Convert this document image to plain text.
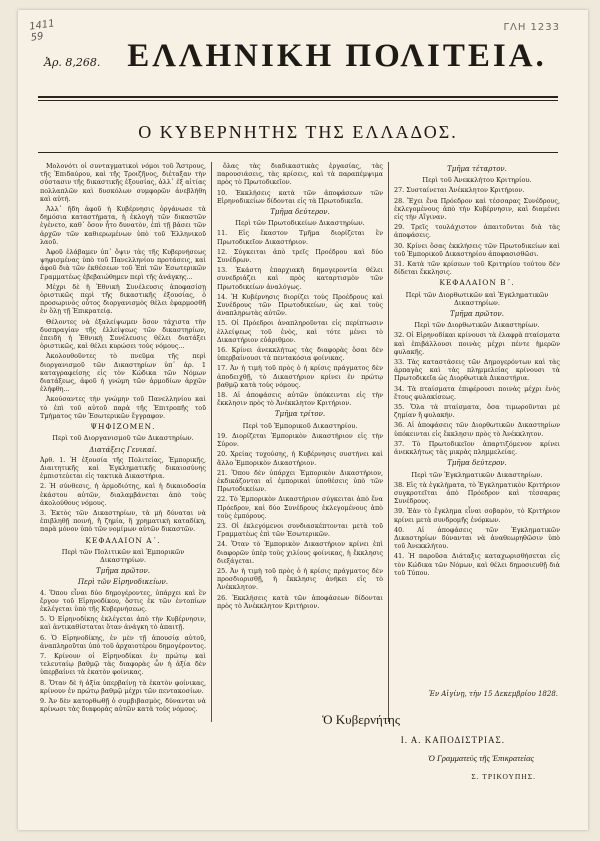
1411
59
ΓΛΗ 1233
Ἀρ. 8,268. ΕΛΛΗΝΙΚΗ ΠΟΛΙΤΕΙΑ.
Ο ΚΥΒΕΡΝΗΤΗΣ ΤΗΣ ΕΛΛΑΔΟΣ.

Μολονότι οἱ συνταγματικοὶ νόμοι τοῦ Ἄστρους, τῆς Ἐπιδαύρου, καὶ τῆς Τροιζῆνος, διέταξαν τὴν σύστασιν τῆς δικαστικῆς ἐξουσίας, ἀλλ᾿ ἐξ αἰτίας πολλαπλῶν καὶ δυσκόλων συμφορῶν ἀνεβλήθη καὶ αὐτή.

Ἀλλ᾿ ἤδη ἀφοῦ ἡ Κυβέρνησις ὀργάνωσε τὰ δημόσια καταστήματα, ἡ ἐκλογὴ τῶν δικαστῶν ἐγένετο, καθ᾿ ὅσον ἦτο δυνατὸν, ἐπὶ τῇ βάσει τῶν ἀρχῶν τῶν καθιερωμένων ὑπὸ τοῦ Ἑλληνικοῦ λαοῦ.

Ἀφοῦ ἐλάβαμεν ὑπ᾿ ὄψιν τὰς τῆς Κυβερνήσεως ψηφισμένας ὑπὸ τοῦ Πανελληνίου προτάσεις, καὶ ἀφοῦ διὰ τῶν ἐκθέσεων τοῦ Ἐπὶ τῶν Ἐσωτερικῶν Γραμματέως ἐβεβαιώθημεν περὶ τῆς ἀνάγκης...

Μέχρι δὲ ἡ Ἐθνικὴ Συνέλευσις ἀποφασίσῃ ὁριστικῶς περὶ τῆς δικαστικῆς ἐξουσίας, ὁ προσωρινὸς οὗτος διοργανισμὸς θέλει ἐφαρμοσθῆ ἐν ὅλῃ τῇ Ἐπικρατείᾳ.

Θέλοντες νὰ ἐξαλείψωμεν ὅσον τάχιστα τὴν δυσπραγίαν τῆς ἐλλείψεως τῶν δικαστηρίων, ἐπειδὴ ἡ Ἐθνικὴ Συνέλευσις θέλει διατάξει ὁριστικῶς, καὶ θέλει κυρώσει τοὺς νόμους...

Ἀκολουθοῦντες τὸ πνεῦμα τῆς περὶ διοργανισμοῦ τῶν Δικαστηρίων ὑπ᾿ ἀρ. 1 καταγραφείσης εἰς τὸν Κώδικα τῶν Νόμων διατάξεως, ἀφοῦ ἡ γνώμη τῶν ἀρμοδίων ἀρχῶν ἐλήφθη...

Ἀκούσαντες τὴν γνώμην τοῦ Πανελληνίου καὶ τὸ ἐπὶ τοῦ αὐτοῦ παρὰ τῆς Ἐπιτροπῆς τοῦ Τμήματος τῶν Ἐσωτερικῶν ἔγγραφον.

ΨΗΦΙΖΟΜΕΝ.

Περὶ τοῦ Διοργανισμοῦ τῶν Δικαστηρίων.

Διατάξεις Γενικαί.

Ἀρθ. 1. Ἡ ἐξουσία τῆς Πολιτείας, Ἐμπορικῆς, Διαιτητικῆς καὶ Ἐγκληματικῆς δικαιοσύνης ἐμπιστεύεται εἰς τακτικὰ Δικαστήρια.

2. Ἡ σύνθεσις, ἡ ἁρμοδιότης, καὶ ἡ δικαιοδοσία ἑκάστου αὐτῶν, διαλαμβάνεται ἀπὸ τοὺς ἀκολούθους νόμους.

3. Ἐκτὸς τῶν Δικαστηρίων, τὰ μὴ δύναται νὰ ἐπιβληθῇ ποινή, ἢ ζημία, ἢ χρηματικὴ καταδίκη, παρὰ μόνον ὑπὸ τῶν νομίμων αὐτῶν δικαστῶν.

ΚΕΦΑΛΑΙΟΝ Α΄.

Περὶ τῶν Πολιτικῶν καὶ Ἐμπορικῶν Δικαστηρίων.

Τμῆμα πρῶτον.

Περὶ τῶν Εἰρηνοδικείων.

4. Ὅπου εἶναι δύο δημογέροντες, ὑπάρχει καὶ ἓν ἔργον τοῦ Εἰρηνοδίκου, ὅστις ἐκ τῶν ἐντοπίων ἐκλέγεται ὑπὸ τῆς Κυβερνήσεως.

5. Ὁ Εἰρηνοδίκης ἐκλέγεται ἀπὸ τὴν Κυβέρνησιν, καὶ ἀντικαθίσταται ὅταν ἀνάγκη τὸ ἀπαιτῇ.

6. Ὁ Εἰρηνοδίκης, ἐν μὲν τῇ ἀπουσίᾳ αὐτοῦ, ἀναπληροῦται ὑπὸ τοῦ ἀρχαιοτέρου δημογέροντος.

7. Κρίνουν οἱ Εἰρηνοδίκαι ἐν πρώτῳ καὶ τελευταίῳ βαθμῷ τὰς διαφορὰς ὧν ἡ ἀξία δὲν ὑπερβαίνει τὰ ἑκατὸν φοίνικας.

8. Ὅταν δὲ ἡ ἀξία ὑπερβαίνῃ τὰ ἑκατὸν φοίνικας, κρίνουν ἐν πρώτῳ βαθμῷ μέχρι τῶν πεντακοσίων.

9. Ἀν δὲν κατορθωθῇ ὁ συμβιβασμὸς, δύνανται νὰ κρίνωσι τὰς διαφορὰς αὐτῶν κατὰ τοὺς νόμους.

ὅλας τὰς διαδικαστικὰς ἐργασίας, τὰς παρουσιάσεις, τὰς κρίσεις, καὶ τὰ παραπέμψιμα πρὸς τὸ Πρωτοδικεῖον.

10. Ἐκκλήσεις κατὰ τῶν ἀποφάσεων τῶν Εἰρηνοδικείων δίδονται εἰς τὰ Πρωτοδικεῖα.

Τμῆμα δεύτερον.

Περὶ τῶν Πρωτοδικείων Δικαστηρίων.

11. Εἰς ἕκαστον Τμῆμα διορίζεται ἓν Πρωτοδικεῖον Δικαστήριον.

12. Σύγκειται ἀπὸ τρεῖς Προέδρου καὶ δύο Συνέδρων.

13. Ἑκάστη ἐπαρχιακὴ δημογεροντία θέλει συνεδριάζει καὶ πρὸς καταρτισμὸν τῶν Πρωτοδικείων ἀναλόγως.

14. Ἡ Κυβέρνησις διορίζει τοὺς Προέδρους καὶ Συνέδρους τῶν Πρωτοδικείων, ὡς καὶ τοὺς ἀναπληρωτὰς αὐτῶν.

15. Οἱ Πρόεδροι ἀναπληροῦνται εἰς περίπτωσιν ἐλλείψεως τοῦ ἑνὸς, καὶ τότε μένει τὸ Δικαστήριον εὐάριθμον.

16. Κρίνει ἀνεκκλήτως τὰς διαφορὰς ὅσαι δὲν ὑπερβαίνουσι τὰ πεντακόσια φοίνικας.

17. Ἀν ἡ τιμὴ τοῦ πρὸς ὁ ἡ κρίσις πράγματος δὲν ἀποδειχθῇ, τὸ Δικαστήριον κρίνει ἐν πρώτῳ βαθμῷ κατὰ τοὺς νόμους.

18. Αἱ ἀποφάσεις αὐτῶν ὑπόκεινται εἰς τὴν ἔκκλησιν πρὸς τὸ Ἀνέκκλητον Κριτήριον.

Τμῆμα τρίτον.

Περὶ τοῦ Ἐμπορικοῦ Δικαστηρίου.

19. Διορίζεται Ἐμπορικὸν Δικαστήριον εἰς τὴν Σύρον.

20. Χρείας τυχούσης, ἡ Κυβέρνησις συστήνει καὶ ἄλλο Ἐμπορικὸν Δικαστήριον.

21. Ὅπου δὲν ὑπάρχει Ἐμπορικὸν Δικαστήριον, ἐκδικάζονται αἱ ἐμπορικαὶ ὑποθέσεις ὑπὸ τῶν Πρωτοδικείων.

22. Τὸ Ἐμπορικὸν Δικαστήριον σύγκειται ἀπὸ ἕνα Πρόεδρον, καὶ δύο Συνέδρους ἐκλεγομένους ἀπὸ τοὺς ἐμπόρους.

23. Οἱ ἐκλεγόμενοι συνδιασκέπτονται μετὰ τοῦ Γραμματέως ἐπὶ τῶν Ἐσωτερικῶν.

24. Ὅταν τὸ Ἐμπορικὸν Δικαστήριον κρίνει ἐπὶ διαφορῶν ὑπὲρ τοὺς χιλίους φοίνικας, ἡ ἔκκλησις διεξάγεται.

25. Ἀν ἡ τιμὴ τοῦ πρὸς ὁ ἡ κρίσις πράγματος δὲν προσδιορισθῇ, ἡ ἔκκλησις ἀνήκει εἰς τὸ Ἀνέκκλητον.

26. Ἐκκλήσεις κατὰ τῶν ἀποφάσεων δίδονται πρὸς τὸ Ἀνέκκλητον Κριτήριον.

Τμῆμα τέταρτον.

Περὶ τοῦ Ἀνεκκλήτου Κριτηρίου.

27. Συσταίνεται Ἀνέκκλητον Κριτήριον.

28. Ἔχει ἕνα Πρόεδρον καὶ τέσσαρας Συνέδρους, ἐκλεγομένους ἀπὸ τὴν Κυβέρνησιν, καὶ διαμένει εἰς τὴν Αἴγιναν.

29. Τρεῖς τουλάχιστον ἀπαιτοῦνται διὰ τὰς ἀποφάσεις.

30. Κρίνει ὅσας ἐκκλήσεις τῶν Πρωτοδικείων καὶ τοῦ Ἐμπορικοῦ Δικαστηρίου ἀποφασισθῶσι.

31. Κατὰ τῶν κρίσεων τοῦ Κριτηρίου τούτου δὲν δίδεται ἔκκλησις.

ΚΕΦΑΛΑΙΟΝ Β΄.

Περὶ τῶν Διορθωτικῶν καὶ Ἐγκληματικῶν Δικαστηρίων.

Τμῆμα πρῶτον.

Περὶ τῶν Διορθωτικῶν Δικαστηρίων.

32. Οἱ Εἰρηνοδίκαι κρίνουσι τὰ ἐλαφρὰ πταίσματα καὶ ἐπιβάλλουσι ποινὰς μέχρι πέντε ἡμερῶν φυλακῆς.

33. Τὰς καταστάσεις τῶν Δημογερόντων καὶ τὰς ἁρπαγὰς καὶ τὰς πλημμελείας κρίνουσι τὰ Πρωτοδικεῖα ὡς Διορθωτικὰ Δικαστήρια.

34. Τὰ πταίσματα ἐπιφέρουσι ποινὰς μέχρι ἑνὸς ἔτους φυλακίσεως.

35. Ὅλα τὰ πταίσματα, ὅσα τιμωροῦνται μὲ ζημίαν ἢ φυλακήν.

36. Αἱ ἀποφάσεις τῶν Διορθωτικῶν Δικαστηρίων ὑπόκεινται εἰς ἔκκλησιν πρὸς τὸ Ἀνέκκλητον.

37. Τὸ Πρωτοδικεῖον ἀπαρτιζόμενον κρίνει ἀνεκκλήτως τὰς μικρὰς πλημμελείας.

Τμῆμα δεύτερον.

Περὶ τῶν Ἐγκληματικῶν Δικαστηρίων.

38. Εἰς τὰ ἐγκλήματα, τὸ Ἐγκληματικὸν Κριτήριον συγκροτεῖται ἀπὸ Πρόεδρον καὶ τέσσαρας Συνέδρους.

39. Ἐὰν τὸ ἔγκλημα εἶναι σοβαρὸν, τὸ Κριτήριον κρίνει μετὰ συνδρομῆς ἐνόρκων.

40. Αἱ ἀποφάσεις τῶν Ἐγκληματικῶν Δικαστηρίων δύνανται νὰ ἀναθεωρηθῶσιν ὑπὸ τοῦ Ἀνεκκλήτου.

41. Ἡ παροῦσα Διάταξις καταχωρισθήσεται εἰς τὸν Κώδικα τῶν Νόμων, καὶ θέλει δημοσιευθῇ διὰ τοῦ Τύπου.

Ἐν Αἰγίνῃ, τὴν 15 Δεκεμβρίου 1828.
Ὁ Κυβερνήτης
Ι. Α. ΚΑΠΟΔΙΣΤΡΙΑΣ.
Ὁ Γραμματεὺς τῆς Ἐπικρατείας
Σ. ΤΡΙΚΟΥΠΗΣ.
